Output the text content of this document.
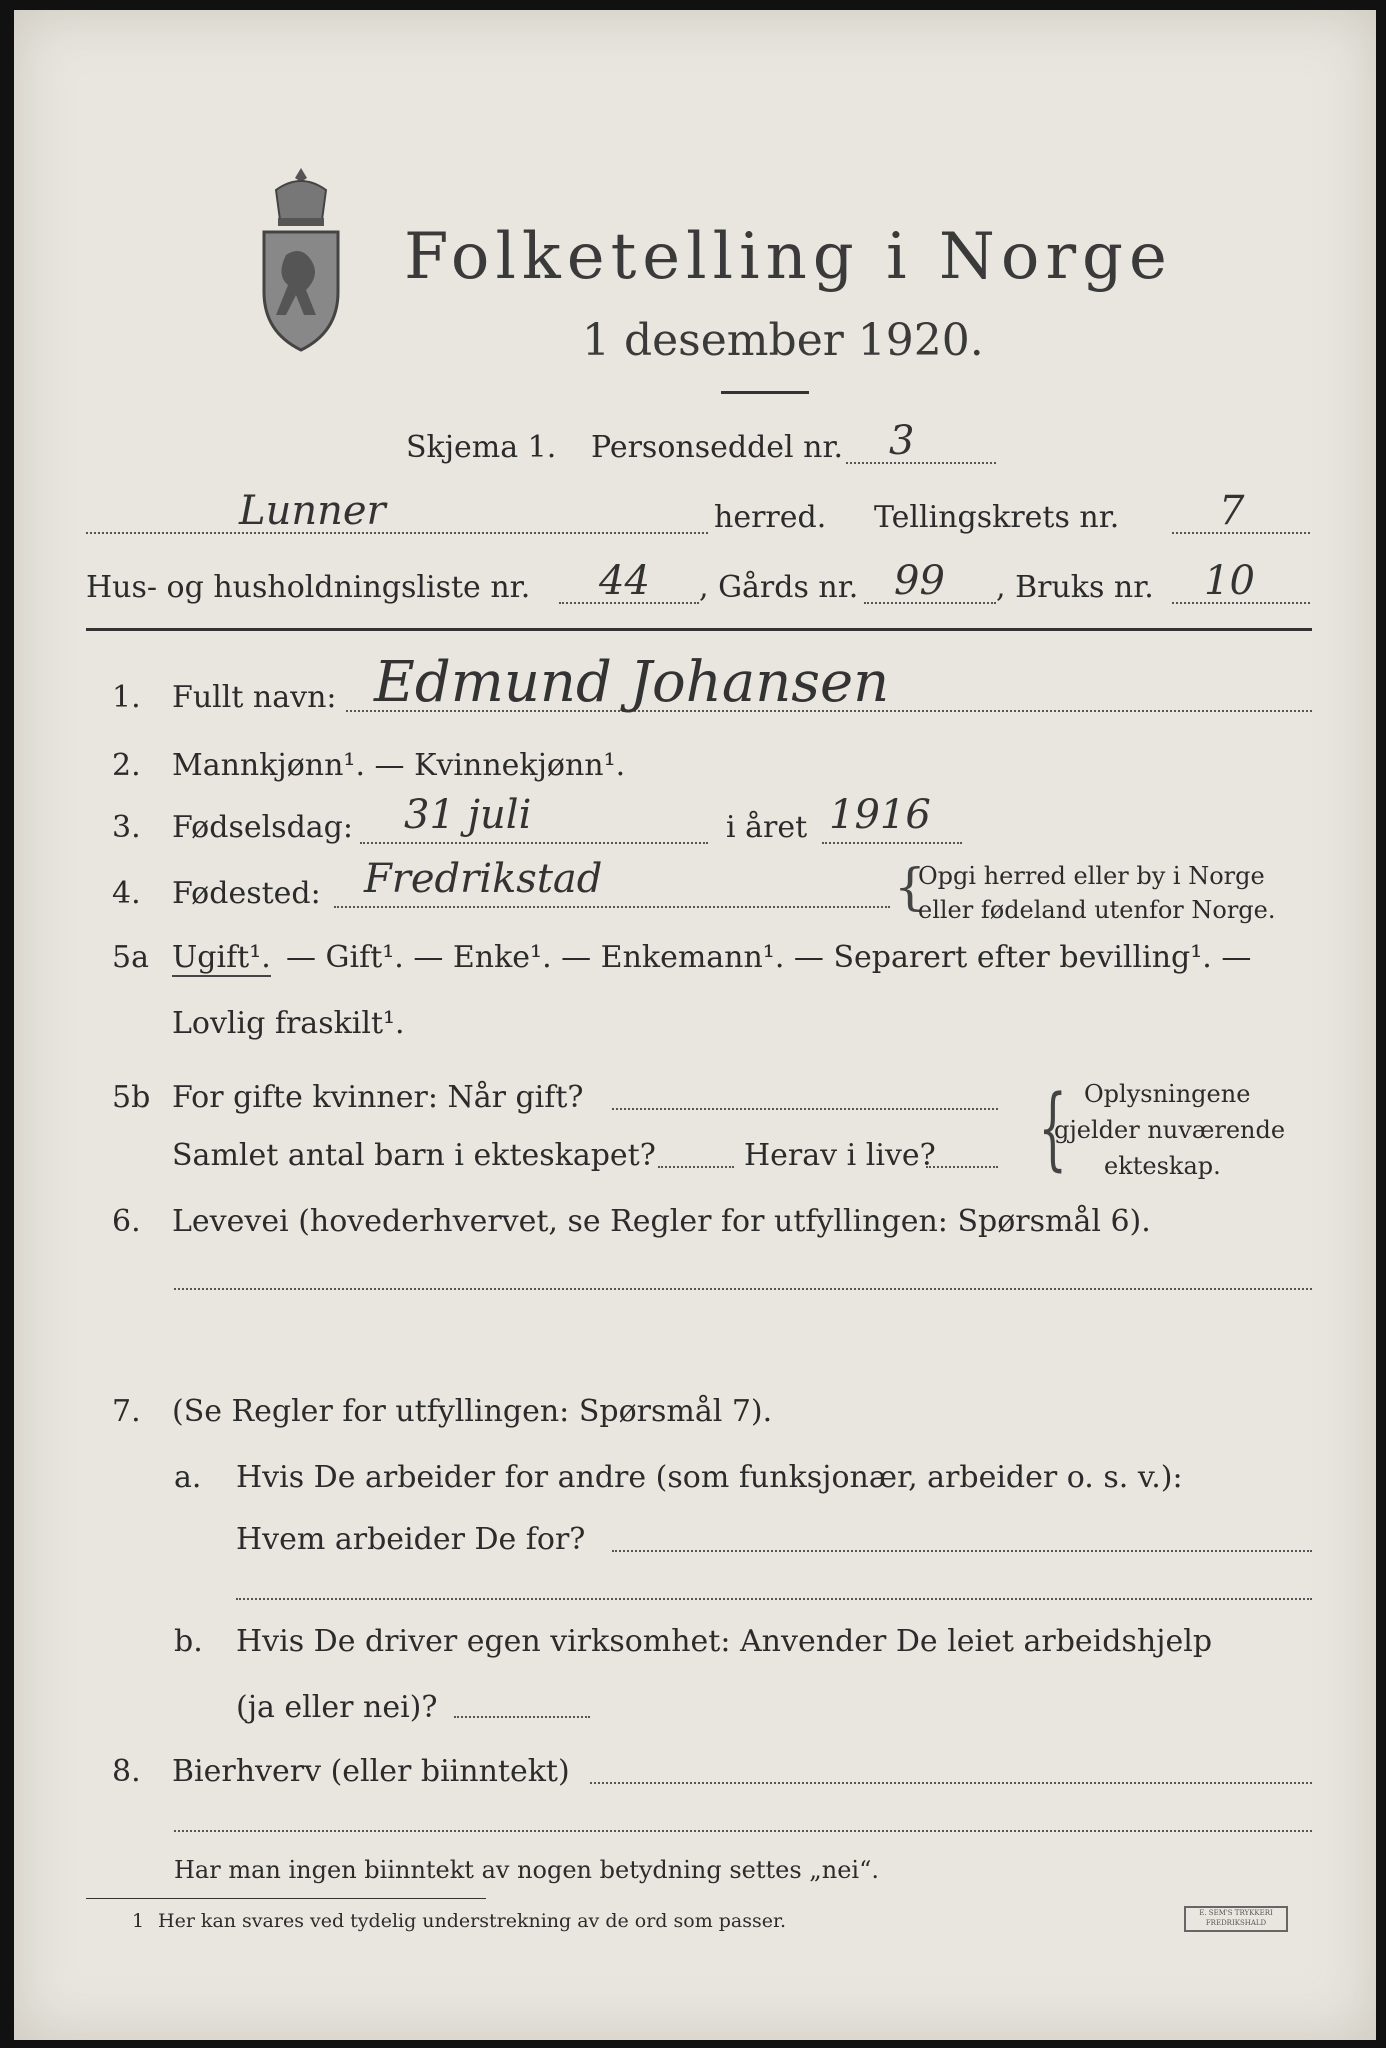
Folketelling i Norge
1 desember 1920.
Skjema 1. Personseddel nr. 3
Lunner	herred. Tellingskrets nr. 7
Hus- og husholdningsliste nr. 44 , Gårds nr. 99 , Bruks nr. 10
1. Fullt navn: Edmund Johansen
2. Mannkjønn¹. — Kvinnekjønn¹.
3. Fødselsdag: 31 juli	i året 1916
4. Fødested: Fredrikstad	{
Opgi herred eller by i Norge
eller fødeland utenfor Norge.
5a Ugift¹. — Gift¹. — Enke¹. — Enkemann¹. — Separert efter bevilling¹. —
Lovlig fraskilt¹.
5b For gifte kvinner: Når gift?
Samlet antal barn i ekteskapet?	Herav i live? { Oplysningene
gjelder nuværende
ekteskap.
6. Levevei (hovederhvervet, se Regler for utfyllingen: Spørsmål 6).
7. (Se Regler for utfyllingen: Spørsmål 7).
a. Hvis De arbeider for andre (som funksjonær, arbeider o. s. v.):
Hvem arbeider De for?
b. Hvis De driver egen virksomhet: Anvender De leiet arbeidshjelp
(ja eller nei)?
8. Bierhverv (eller biinntekt)
Har man ingen biinntekt av nogen betydning settes „nei“.
1 Her kan svares ved tydelig understrekning av de ord som passer.	E. SEM'S TRYKKERI FREDRIKSHALD
